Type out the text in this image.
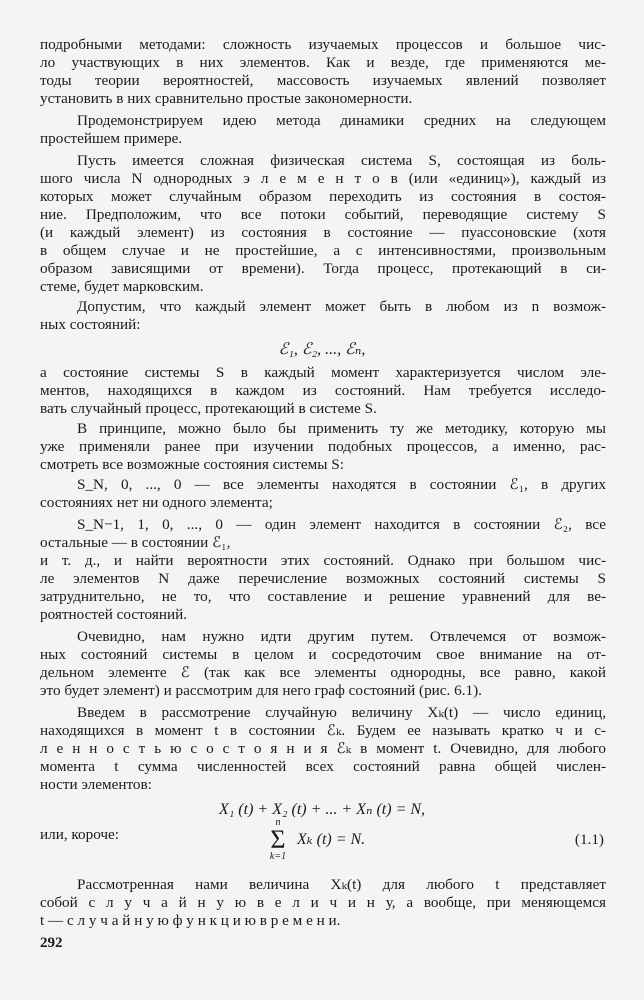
подробными методами: сложность изучаемых процессов и большое чис-
ло участвующих в них элементов. Как и везде, где применяются ме-
тоды теории вероятностей, массовость изучаемых явлений позволяет
установить в них сравнительно простые закономерности.
Продемонстрируем идею метода динамики средних на следующем
простейшем примере.
Пусть имеется сложная физическая система S, состоящая из боль-
шого числа N однородных э л е м е н т о в (или «единиц»), каждый из
которых может случайным образом переходить из состояния в состоя-
ние. Предположим, что все потоки событий, переводящие систему S
(и каждый элемент) из состояния в состояние — пуассоновские (хотя
в общем случае и не простейшие, а с интенсивностями, произвольным
образом зависящими от времени). Тогда процесс, протекающий в си-
стеме, будет марковским.
Допустим, что каждый элемент может быть в любом из n возмож-
ных состояний:
ℰ₁, ℰ₂, ..., ℰₙ,
а состояние системы S в каждый момент характеризуется числом эле-
ментов, находящихся в каждом из состояний. Нам требуется исследо-
вать случайный процесс, протекающий в системе S.
В принципе, можно было бы применить ту же методику, которую мы
уже применяли ранее при изучении подобных процессов, а именно, рас-
смотреть все возможные состояния системы S:
S_N, 0, ..., 0 — все элементы находятся в состоянии ℰ₁, в других
состояниях нет ни одного элемента;
S_N−1, 1, 0, ..., 0 — один элемент находится в состоянии ℰ₂, все
остальные — в состоянии ℰ₁,
и т. д., и найти вероятности этих состояний. Однако при большом чис-
ле элементов N даже перечисление возможных состояний системы S
затруднительно, не то, что составление и решение уравнений для ве-
роятностей состояний.
Очевидно, нам нужно идти другим путем. Отвлечемся от возмож-
ных состояний системы в целом и сосредоточим свое внимание на от-
дельном элементе ℰ (так как все элементы однородны, все равно, какой
это будет элемент) и рассмотрим для него граф состояний (рис. 6.1).
Введем в рассмотрение случайную величину Xₖ(t) — число единиц,
находящихся в момент t в состоянии ℰₖ. Будем ее называть кратко ч и с-
л е н н о с т ь ю с о с т о я н и я ℰₖ в момент t. Очевидно, для любого
момента t сумма численностей всех состояний равна общей числен-
ности элементов:
X₁ (t) + X₂ (t) + ... + Xₙ (t) = N,
или, короче:
n
Σ
k=1
Xₖ (t) = N.	(1.1)
Рассмотренная нами величина Xₖ(t) для любого t представляет
собой с л у ч а й н у ю в е л и ч и н у, а вообще, при меняющемся
t — с л у ч а й н у ю ф у н к ц и ю в р е м е н и.
292
